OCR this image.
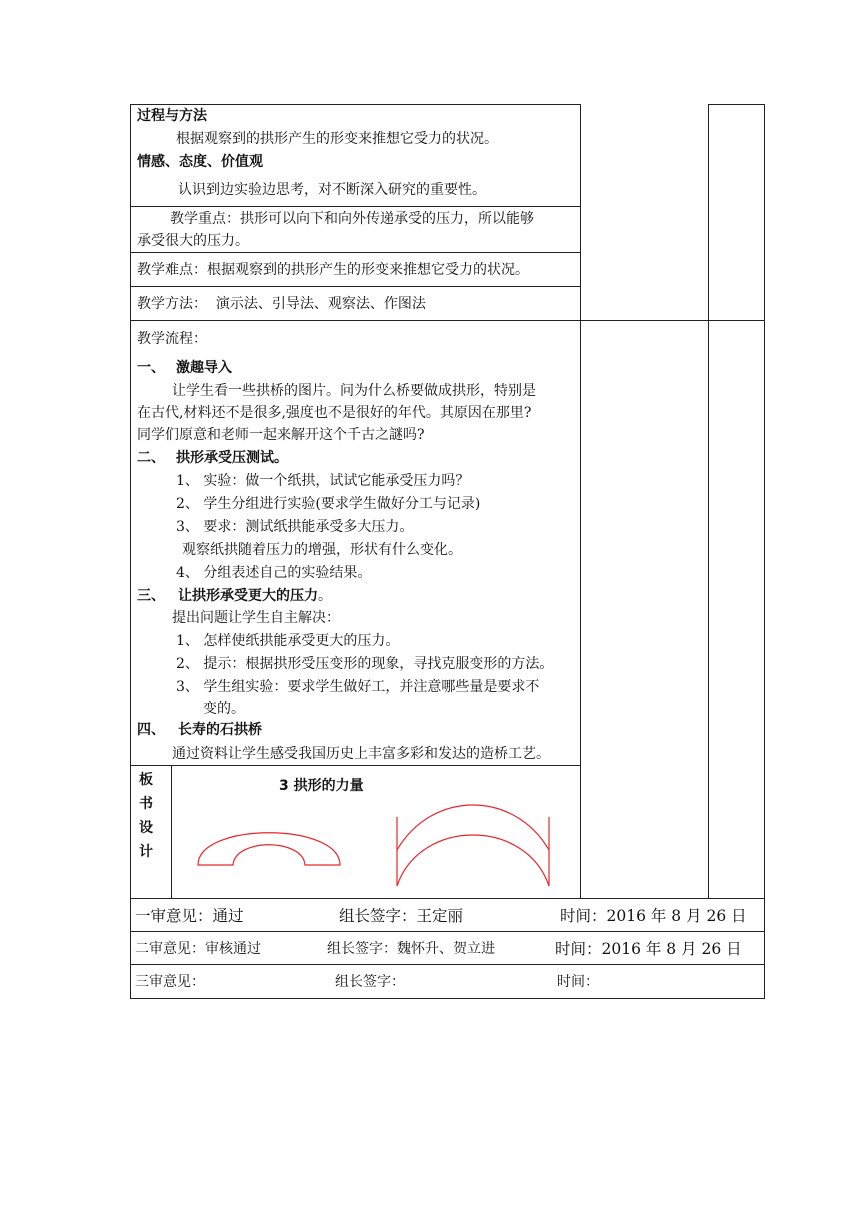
过程与方法
根据观察到的拱形产生的形变来推想它受力的状况。
情感、态度、价值观
认识到边实验边思考，对不断深入研究的重要性。
教学重点：拱形可以向下和向外传递承受的压力，所以能够
承受很大的压力。
教学难点：根据观察到的拱形产生的形变来推想它受力的状况。
教学方法：  演示法、引导法、观察法、作图法
教学流程：
一、 激趣导入
让学生看一些拱桥的图片。问为什么桥要做成拱形，特别是
在古代,材料还不是很多,强度也不是很好的年代。其原因在那里?
同学们原意和老师一起来解开这个千古之謎吗?
二、 拱形承受压测试。
1、 实验：做一个纸拱，试试它能承受压力吗？
2、 学生分组进行实验(要求学生做好分工与记录)
3、 要求：测试纸拱能承受多大压力。
观察纸拱随着压力的增强，形状有什么变化。
4、 分组表述自己的实验结果。
三、 让拱形承受更大的压力。
提出问题让学生自主解决：
1、 怎样使纸拱能承受更大的压力。
2、 提示：根据拱形受压变形的现象，寻找克服变形的方法。
3、 学生组实验：要求学生做好工，并注意哪些量是要求不
变的。
四、 长寿的石拱桥
通过资料让学生感受我国历史上丰富多彩和发达的造桥工艺。
板
书
设
计
3 拱形的力量
一审意见：通过	组长签字：王定丽	时间：2016 年 8 月 26 日
二审意见：审核通过	组长签字：魏怀升、贺立进	时间：2016 年 8 月 26 日
三审意见：	组长签字：	时间：
